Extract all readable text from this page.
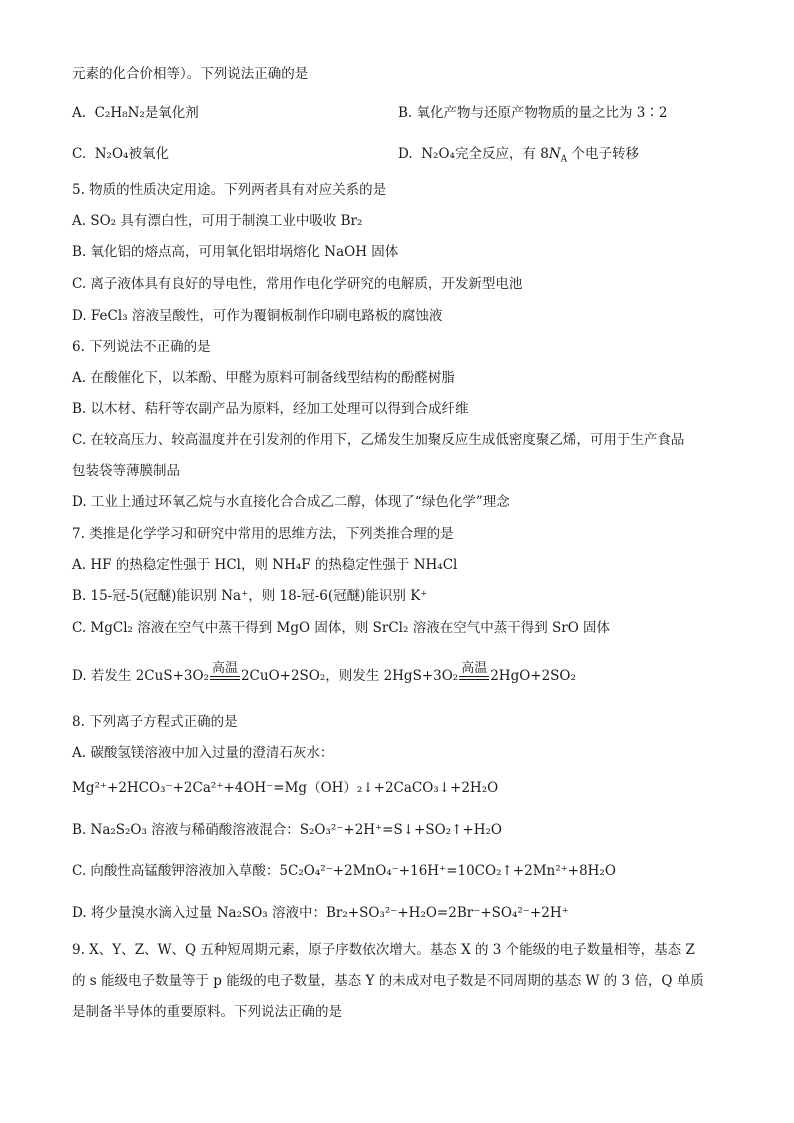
元素的化合价相等）。下列说法正确的是
A. C₂H₈N₂是氧化剂	B. 氧化产物与还原产物物质的量之比为 3∶2
C. N₂O₄被氧化	D. N₂O₄完全反应，有 $8N_A$ 个电子转移
5. 物质的性质决定用途。下列两者具有对应关系的是
A. SO₂ 具有漂白性，可用于制溴工业中吸收 Br₂
B. 氧化铝的熔点高，可用氧化铝坩埚熔化 NaOH 固体
C. 离子液体具有良好的导电性，常用作电化学研究的电解质，开发新型电池
D. FeCl₃ 溶液呈酸性，可作为覆铜板制作印刷电路板的腐蚀液
6. 下列说法不正确的是
A. 在酸催化下，以苯酚、甲醛为原料可制备线型结构的酚醛树脂
B. 以木材、秸秆等农副产品为原料，经加工处理可以得到合成纤维
C. 在较高压力、较高温度并在引发剂的作用下，乙烯发生加聚反应生成低密度聚乙烯，可用于生产食品
包装袋等薄膜制品
D. 工业上通过环氧乙烷与水直接化合合成乙二醇，体现了“绿色化学”理念
7. 类推是化学学习和研究中常用的思维方法，下列类推合理的是
A. HF 的热稳定性强于 HCl，则 NH₄F 的热稳定性强于 NH₄Cl
B. 15-冠-5(冠醚)能识别 Na⁺，则 18-冠-6(冠醚)能识别 K⁺
C. MgCl₂ 溶液在空气中蒸干得到 MgO 固体，则 SrCl₂ 溶液在空气中蒸干得到 SrO 固体
D. 若发生 2CuS+3O₂ 高温 2CuO+2SO₂，则发生 2HgS+3O₂ 高温 2HgO+2SO₂
8. 下列离子方程式正确的是
A. 碳酸氢镁溶液中加入过量的澄清石灰水：
Mg²⁺+2HCO₃⁻+2Ca²⁺+4OH⁻=Mg（OH）₂↓+2CaCO₃↓+2H₂O
B. Na₂S₂O₃ 溶液与稀硝酸溶液混合：S₂O₃²⁻+2H⁺=S↓+SO₂↑+H₂O
C. 向酸性高锰酸钾溶液加入草酸：5C₂O₄²⁻+2MnO₄⁻+16H⁺=10CO₂↑+2Mn²⁺+8H₂O
D. 将少量溴水滴入过量 Na₂SO₃ 溶液中：Br₂+SO₃²⁻+H₂O=2Br⁻+SO₄²⁻+2H⁺
9. X、Y、Z、W、Q 五种短周期元素，原子序数依次增大。基态 X 的 3 个能级的电子数量相等，基态 Z
的 s 能级电子数量等于 p 能级的电子数量，基态 Y 的未成对电子数是不同周期的基态 W 的 3 倍，Q 单质
是制备半导体的重要原料。下列说法正确的是
